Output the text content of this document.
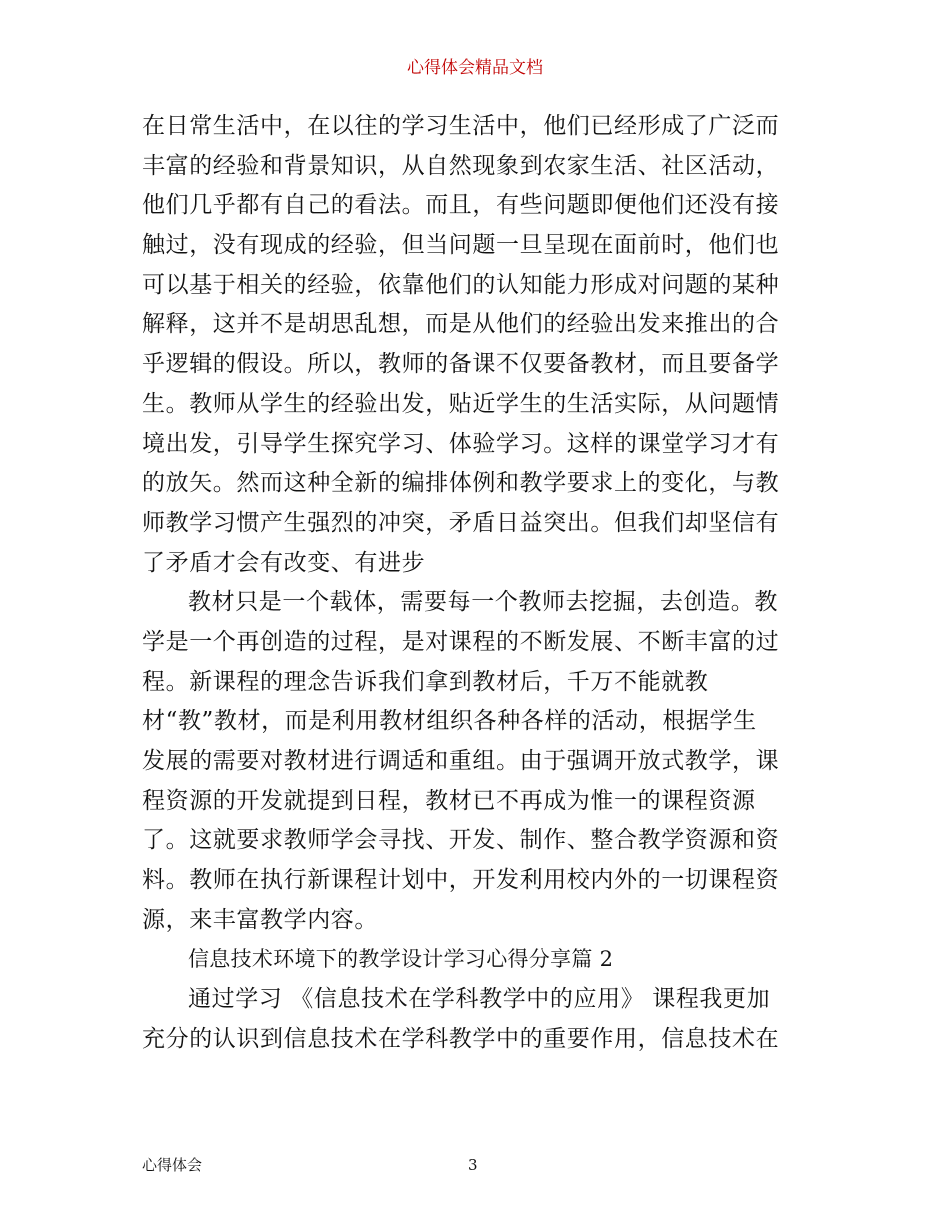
心得体会精品文档
在日常生活中，在以往的学习生活中，他们已经形成了广泛而
丰富的经验和背景知识，从自然现象到农家生活、社区活动，
他们几乎都有自己的看法。而且，有些问题即便他们还没有接
触过，没有现成的经验，但当问题一旦呈现在面前时，他们也
可以基于相关的经验，依靠他们的认知能力形成对问题的某种
解释，这并不是胡思乱想，而是从他们的经验出发来推出的合
乎逻辑的假设。所以，教师的备课不仅要备教材，而且要备学
生。教师从学生的经验出发，贴近学生的生活实际，从问题情
境出发，引导学生探究学习、体验学习。这样的课堂学习才有
的放矢。然而这种全新的编排体例和教学要求上的变化，与教
师教学习惯产生强烈的冲突，矛盾日益突出。但我们却坚信有
了矛盾才会有改变、有进步
教材只是一个载体，需要每一个教师去挖掘，去创造。教
学是一个再创造的过程，是对课程的不断发展、不断丰富的过
程。新课程的理念告诉我们拿到教材后，千万不能就教
材“教”教材，而是利用教材组织各种各样的活动，根据学生
发展的需要对教材进行调适和重组。由于强调开放式教学，课
程资源的开发就提到日程，教材已不再成为惟一的课程资源
了。这就要求教师学会寻找、开发、制作、整合教学资源和资
料。教师在执行新课程计划中，开发利用校内外的一切课程资
源，来丰富教学内容。
信息技术环境下的教学设计学习心得分享篇 2
通过学习 《信息技术在学科教学中的应用》 课程我更加
充分的认识到信息技术在学科教学中的重要作用，信息技术在
心得体会	3
